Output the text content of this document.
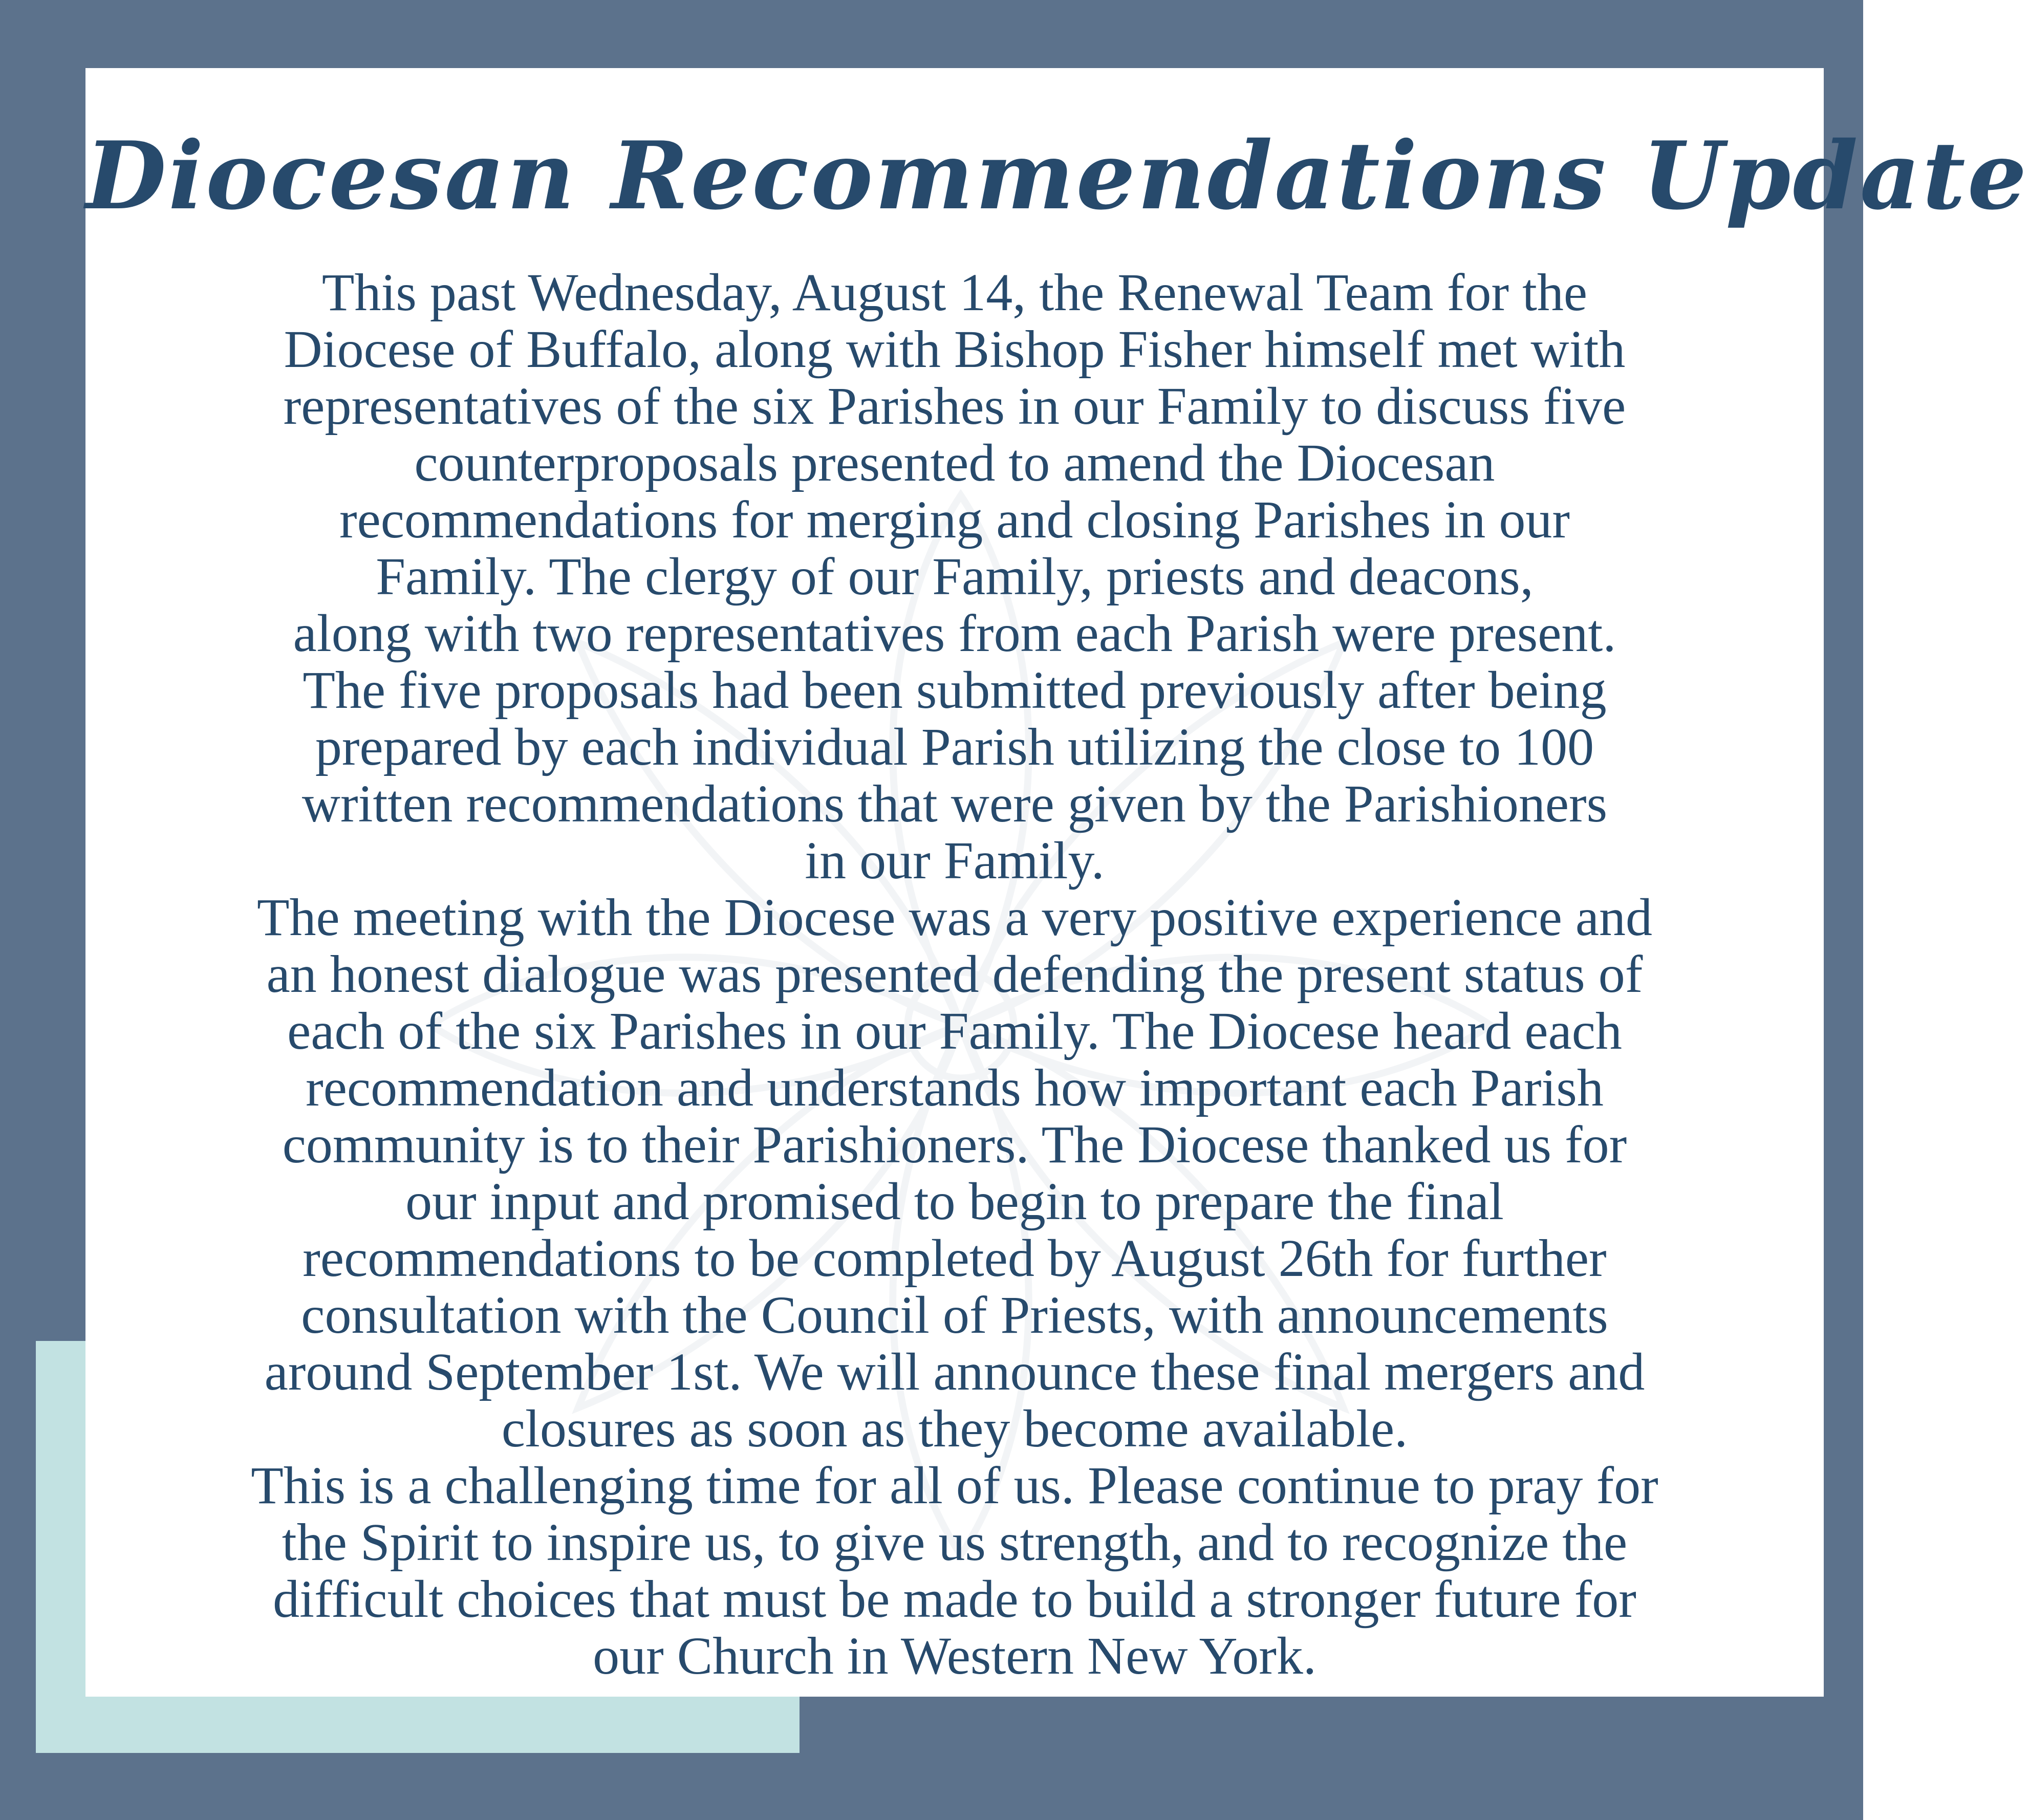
Diocesan Recommendations Update
This past Wednesday, August 14, the Renewal Team for the
Diocese of Buffalo, along with Bishop Fisher himself met with
representatives of the six Parishes in our Family to discuss five
counterproposals presented to amend the Diocesan
recommendations for merging and closing Parishes in our
Family. The clergy of our Family, priests and deacons,
along with two representatives from each Parish were present.
The five proposals had been submitted previously after being
prepared by each individual Parish utilizing the close to 100
written recommendations that were given by the Parishioners
in our Family.
The meeting with the Diocese was a very positive experience and
an honest dialogue was presented defending the present status of
each of the six Parishes in our Family. The Diocese heard each
recommendation and understands how important each Parish
community is to their Parishioners. The Diocese thanked us for
our input and promised to begin to prepare the final
recommendations to be completed by August 26th for further
consultation with the Council of Priests, with announcements
around September 1st. We will announce these final mergers and
closures as soon as they become available.
This is a challenging time for all of us. Please continue to pray for
the Spirit to inspire us, to give us strength, and to recognize the
difficult choices that must be made to build a stronger future for
our Church in Western New York.
